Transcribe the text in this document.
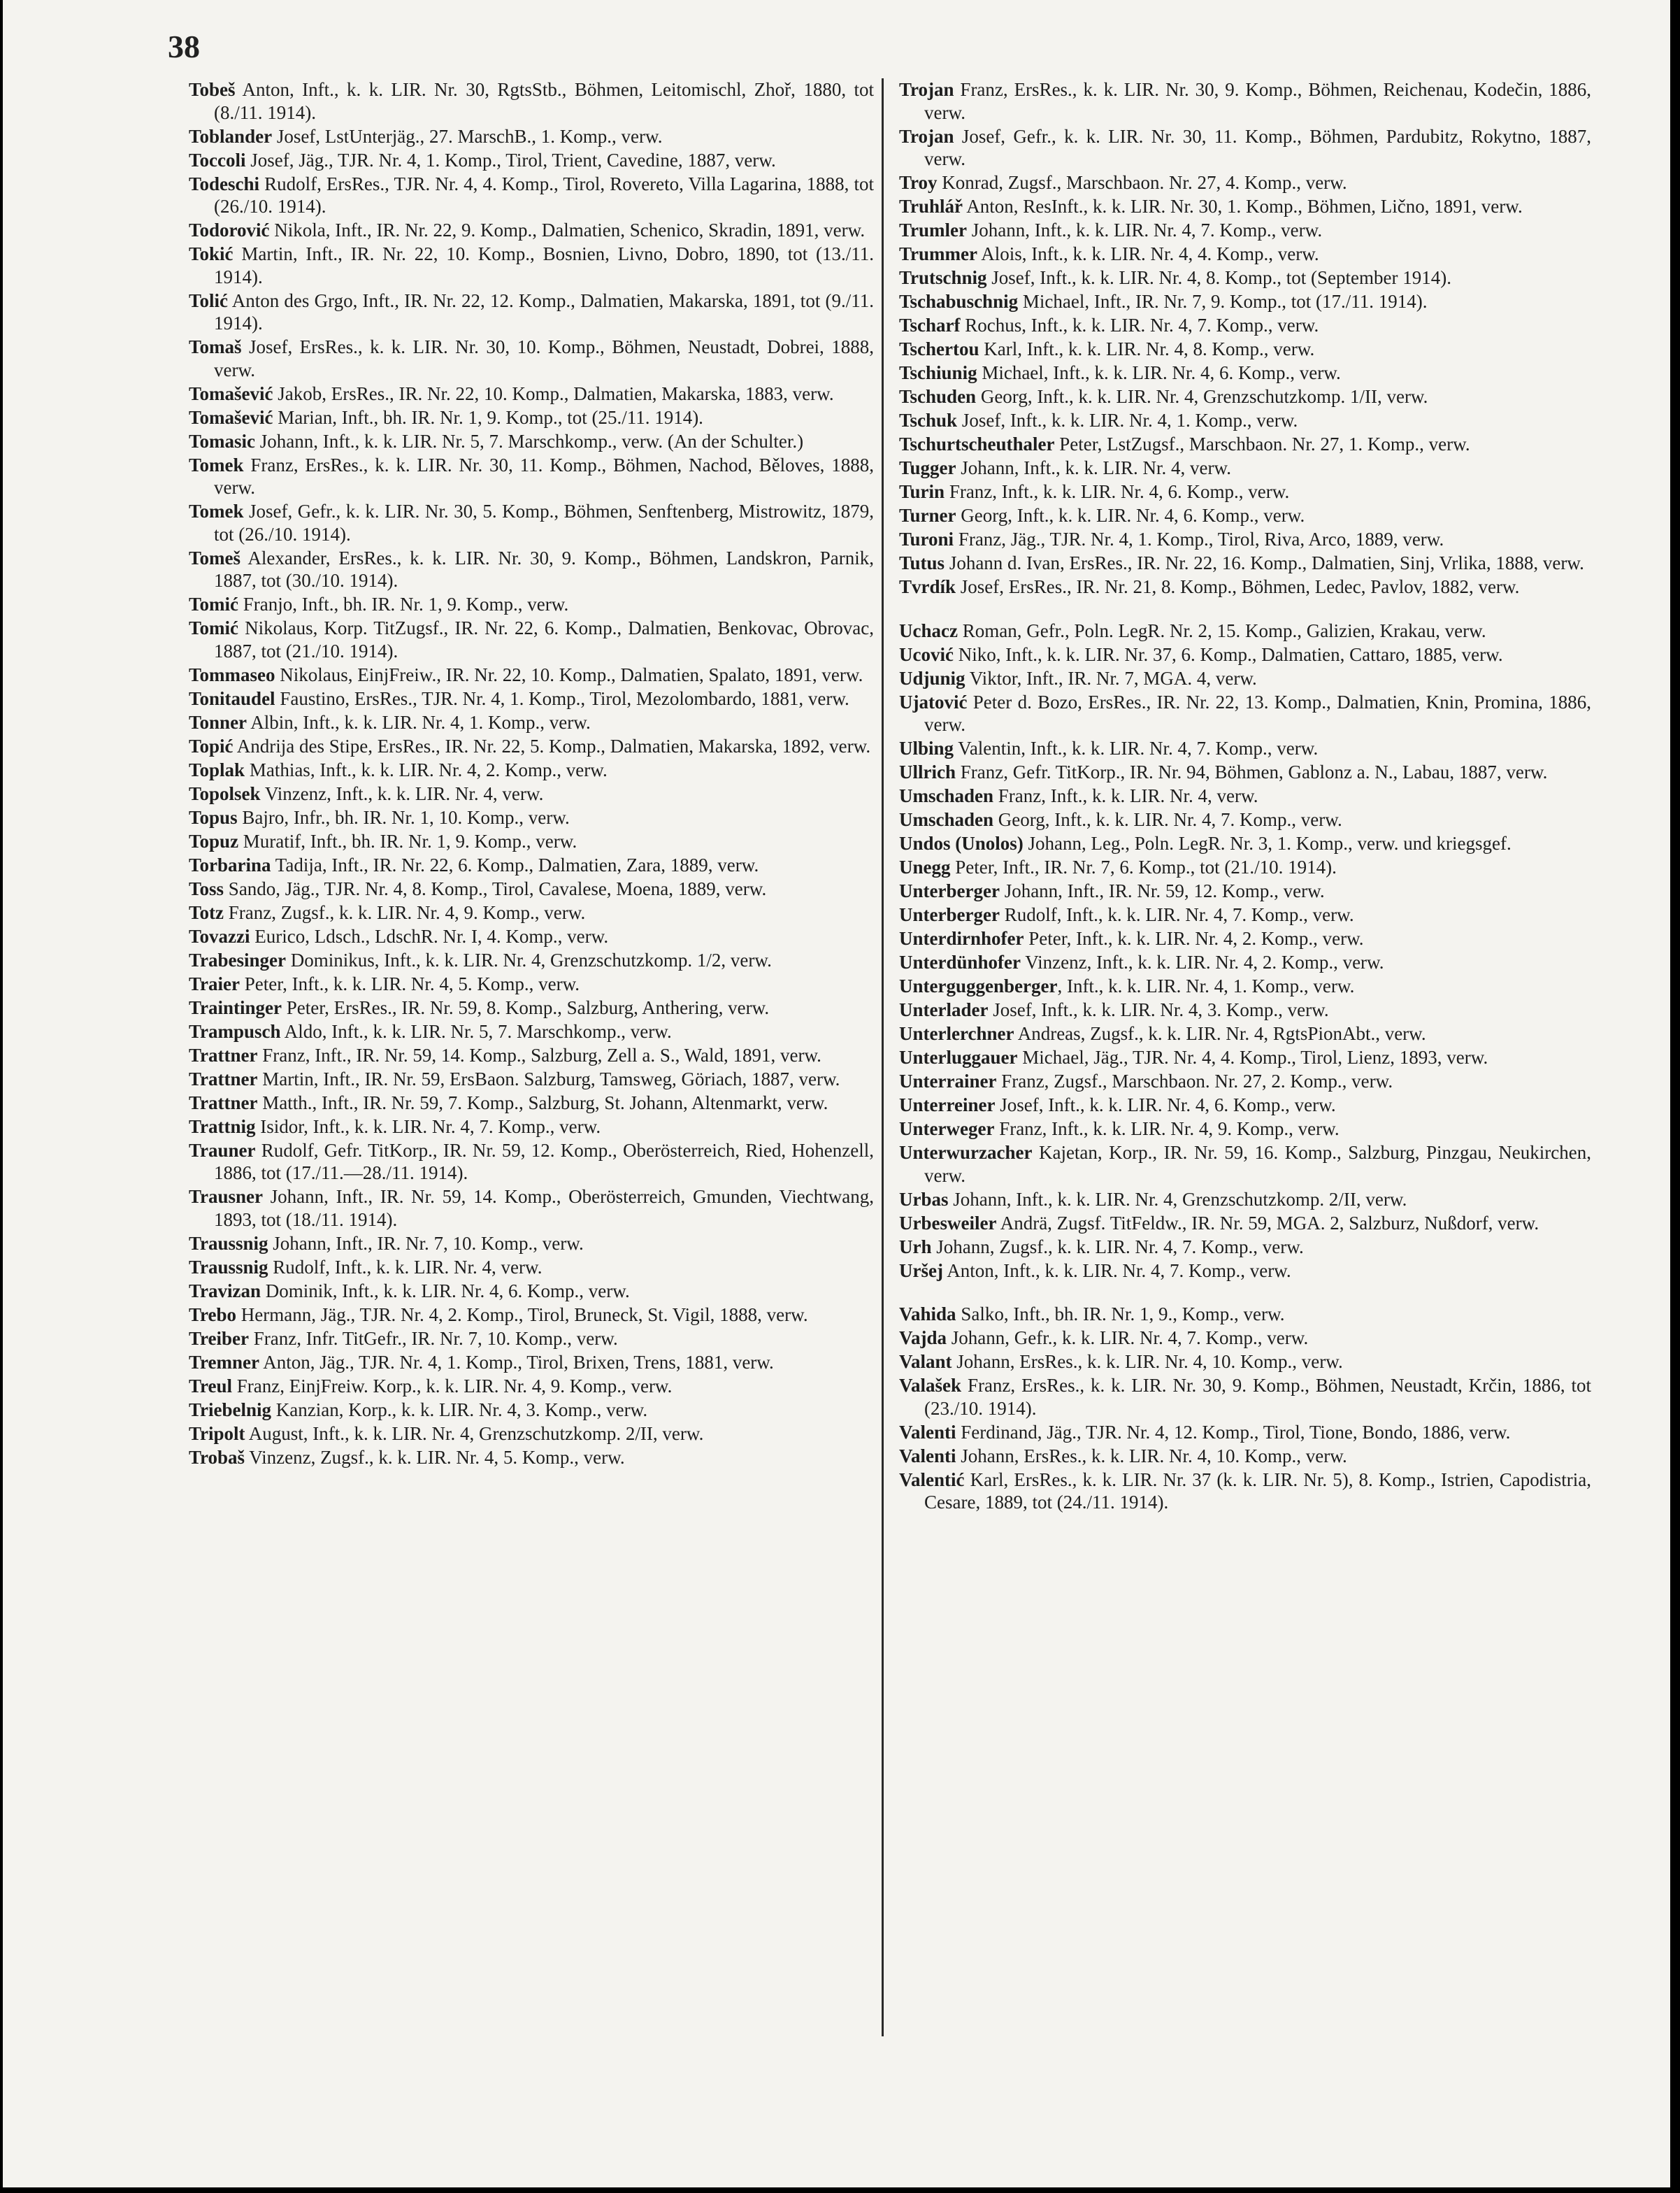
38

Tobeš Anton, Inft., k. k. LIR. Nr. 30, RgtsStb., Böhmen, Leitomischl, Zhoř, 1880, tot (8./11. 1914).

Toblander Josef, LstUnterjäg., 27. MarschB., 1. Komp., verw.

Toccoli Josef, Jäg., TJR. Nr. 4, 1. Komp., Tirol, Trient, Cavedine, 1887, verw.

Todeschi Rudolf, ErsRes., TJR. Nr. 4, 4. Komp., Tirol, Rovereto, Villa Lagarina, 1888, tot (26./10. 1914).

Todorović Nikola, Inft., IR. Nr. 22, 9. Komp., Dalmatien, Schenico, Skradin, 1891, verw.

Tokić Martin, Inft., IR. Nr. 22, 10. Komp., Bosnien, Livno, Dobro, 1890, tot (13./11. 1914).

Tolić Anton des Grgo, Inft., IR. Nr. 22, 12. Komp., Dalmatien, Makarska, 1891, tot (9./11. 1914).

Tomaš Josef, ErsRes., k. k. LIR. Nr. 30, 10. Komp., Böhmen, Neustadt, Dobrei, 1888, verw.

Tomašević Jakob, ErsRes., IR. Nr. 22, 10. Komp., Dalmatien, Makarska, 1883, verw.

Tomašević Marian, Inft., bh. IR. Nr. 1, 9. Komp., tot (25./11. 1914).

Tomasic Johann, Inft., k. k. LIR. Nr. 5, 7. Marschkomp., verw. (An der Schulter.)

Tomek Franz, ErsRes., k. k. LIR. Nr. 30, 11. Komp., Böhmen, Nachod, Běloves, 1888, verw.

Tomek Josef, Gefr., k. k. LIR. Nr. 30, 5. Komp., Böhmen, Senftenberg, Mistrowitz, 1879, tot (26./10. 1914).

Tomeš Alexander, ErsRes., k. k. LIR. Nr. 30, 9. Komp., Böhmen, Landskron, Parnik, 1887, tot (30./10. 1914).

Tomić Franjo, Inft., bh. IR. Nr. 1, 9. Komp., verw.

Tomić Nikolaus, Korp. TitZugsf., IR. Nr. 22, 6. Komp., Dalmatien, Benkovac, Obrovac, 1887, tot (21./10. 1914).

Tommaseo Nikolaus, EinjFreiw., IR. Nr. 22, 10. Komp., Dalmatien, Spalato, 1891, verw.

Tonitaudel Faustino, ErsRes., TJR. Nr. 4, 1. Komp., Tirol, Mezolombardo, 1881, verw.

Tonner Albin, Inft., k. k. LIR. Nr. 4, 1. Komp., verw.

Topić Andrija des Stipe, ErsRes., IR. Nr. 22, 5. Komp., Dalmatien, Makarska, 1892, verw.

Toplak Mathias, Inft., k. k. LIR. Nr. 4, 2. Komp., verw.

Topolsek Vinzenz, Inft., k. k. LIR. Nr. 4, verw.

Topus Bajro, Infr., bh. IR. Nr. 1, 10. Komp., verw.

Topuz Muratif, Inft., bh. IR. Nr. 1, 9. Komp., verw.

Torbarina Tadija, Inft., IR. Nr. 22, 6. Komp., Dalmatien, Zara, 1889, verw.

Toss Sando, Jäg., TJR. Nr. 4, 8. Komp., Tirol, Cavalese, Moena, 1889, verw.

Totz Franz, Zugsf., k. k. LIR. Nr. 4, 9. Komp., verw.

Tovazzi Eurico, Ldsch., LdschR. Nr. I, 4. Komp., verw.

Trabesinger Dominikus, Inft., k. k. LIR. Nr. 4, Grenzschutzkomp. 1/2, verw.

Traier Peter, Inft., k. k. LIR. Nr. 4, 5. Komp., verw.

Traintinger Peter, ErsRes., IR. Nr. 59, 8. Komp., Salzburg, Anthering, verw.

Trampusch Aldo, Inft., k. k. LIR. Nr. 5, 7. Marschkomp., verw.

Trattner Franz, Inft., IR. Nr. 59, 14. Komp., Salzburg, Zell a. S., Wald, 1891, verw.

Trattner Martin, Inft., IR. Nr. 59, ErsBaon. Salzburg, Tamsweg, Göriach, 1887, verw.

Trattner Matth., Inft., IR. Nr. 59, 7. Komp., Salzburg, St. Johann, Altenmarkt, verw.

Trattnig Isidor, Inft., k. k. LIR. Nr. 4, 7. Komp., verw.

Trauner Rudolf, Gefr. TitKorp., IR. Nr. 59, 12. Komp., Oberösterreich, Ried, Hohenzell, 1886, tot (17./11.—28./11. 1914).

Trausner Johann, Inft., IR. Nr. 59, 14. Komp., Oberösterreich, Gmunden, Viechtwang, 1893, tot (18./11. 1914).

Traussnig Johann, Inft., IR. Nr. 7, 10. Komp., verw.

Traussnig Rudolf, Inft., k. k. LIR. Nr. 4, verw.

Travizan Dominik, Inft., k. k. LIR. Nr. 4, 6. Komp., verw.

Trebo Hermann, Jäg., TJR. Nr. 4, 2. Komp., Tirol, Bruneck, St. Vigil, 1888, verw.

Treiber Franz, Infr. TitGefr., IR. Nr. 7, 10. Komp., verw.

Tremner Anton, Jäg., TJR. Nr. 4, 1. Komp., Tirol, Brixen, Trens, 1881, verw.

Treul Franz, EinjFreiw. Korp., k. k. LIR. Nr. 4, 9. Komp., verw.

Triebelnig Kanzian, Korp., k. k. LIR. Nr. 4, 3. Komp., verw.

Tripolt August, Inft., k. k. LIR. Nr. 4, Grenzschutzkomp. 2/II, verw.

Trobaš Vinzenz, Zugsf., k. k. LIR. Nr. 4, 5. Komp., verw.

Trojan Franz, ErsRes., k. k. LIR. Nr. 30, 9. Komp., Böhmen, Reichenau, Kodečin, 1886, verw.

Trojan Josef, Gefr., k. k. LIR. Nr. 30, 11. Komp., Böhmen, Pardubitz, Rokytno, 1887, verw.

Troy Konrad, Zugsf., Marschbaon. Nr. 27, 4. Komp., verw.

Truhlář Anton, ResInft., k. k. LIR. Nr. 30, 1. Komp., Böhmen, Lično, 1891, verw.

Trumler Johann, Inft., k. k. LIR. Nr. 4, 7. Komp., verw.

Trummer Alois, Inft., k. k. LIR. Nr. 4, 4. Komp., verw.

Trutschnig Josef, Inft., k. k. LIR. Nr. 4, 8. Komp., tot (September 1914).

Tschabuschnig Michael, Inft., IR. Nr. 7, 9. Komp., tot (17./11. 1914).

Tscharf Rochus, Inft., k. k. LIR. Nr. 4, 7. Komp., verw.

Tschertou Karl, Inft., k. k. LIR. Nr. 4, 8. Komp., verw.

Tschiunig Michael, Inft., k. k. LIR. Nr. 4, 6. Komp., verw.

Tschuden Georg, Inft., k. k. LIR. Nr. 4, Grenzschutzkomp. 1/II, verw.

Tschuk Josef, Inft., k. k. LIR. Nr. 4, 1. Komp., verw.

Tschurtscheuthaler Peter, LstZugsf., Marschbaon. Nr. 27, 1. Komp., verw.

Tugger Johann, Inft., k. k. LIR. Nr. 4, verw.

Turin Franz, Inft., k. k. LIR. Nr. 4, 6. Komp., verw.

Turner Georg, Inft., k. k. LIR. Nr. 4, 6. Komp., verw.

Turoni Franz, Jäg., TJR. Nr. 4, 1. Komp., Tirol, Riva, Arco, 1889, verw.

Tutus Johann d. Ivan, ErsRes., IR. Nr. 22, 16. Komp., Dalmatien, Sinj, Vrlika, 1888, verw.

Tvrdík Josef, ErsRes., IR. Nr. 21, 8. Komp., Böhmen, Ledec, Pavlov, 1882, verw.

Uchacz Roman, Gefr., Poln. LegR. Nr. 2, 15. Komp., Galizien, Krakau, verw.

Ucović Niko, Inft., k. k. LIR. Nr. 37, 6. Komp., Dalmatien, Cattaro, 1885, verw.

Udjunig Viktor, Inft., IR. Nr. 7, MGA. 4, verw.

Ujatović Peter d. Bozo, ErsRes., IR. Nr. 22, 13. Komp., Dalmatien, Knin, Promina, 1886, verw.

Ulbing Valentin, Inft., k. k. LIR. Nr. 4, 7. Komp., verw.

Ullrich Franz, Gefr. TitKorp., IR. Nr. 94, Böhmen, Gablonz a. N., Labau, 1887, verw.

Umschaden Franz, Inft., k. k. LIR. Nr. 4, verw.

Umschaden Georg, Inft., k. k. LIR. Nr. 4, 7. Komp., verw.

Undos (Unolos) Johann, Leg., Poln. LegR. Nr. 3, 1. Komp., verw. und kriegsgef.

Unegg Peter, Inft., IR. Nr. 7, 6. Komp., tot (21./10. 1914).

Unterberger Johann, Inft., IR. Nr. 59, 12. Komp., verw.

Unterberger Rudolf, Inft., k. k. LIR. Nr. 4, 7. Komp., verw.

Unterdirnhofer Peter, Inft., k. k. LIR. Nr. 4, 2. Komp., verw.

Unterdünhofer Vinzenz, Inft., k. k. LIR. Nr. 4, 2. Komp., verw.

Unterguggenberger, Inft., k. k. LIR. Nr. 4, 1. Komp., verw.

Unterlader Josef, Inft., k. k. LIR. Nr. 4, 3. Komp., verw.

Unterlerchner Andreas, Zugsf., k. k. LIR. Nr. 4, RgtsPionAbt., verw.

Unterluggauer Michael, Jäg., TJR. Nr. 4, 4. Komp., Tirol, Lienz, 1893, verw.

Unterrainer Franz, Zugsf., Marschbaon. Nr. 27, 2. Komp., verw.

Unterreiner Josef, Inft., k. k. LIR. Nr. 4, 6. Komp., verw.

Unterweger Franz, Inft., k. k. LIR. Nr. 4, 9. Komp., verw.

Unterwurzacher Kajetan, Korp., IR. Nr. 59, 16. Komp., Salzburg, Pinzgau, Neukirchen, verw.

Urbas Johann, Inft., k. k. LIR. Nr. 4, Grenzschutzkomp. 2/II, verw.

Urbesweiler Andrä, Zugsf. TitFeldw., IR. Nr. 59, MGA. 2, Salzburz, Nußdorf, verw.

Urh Johann, Zugsf., k. k. LIR. Nr. 4, 7. Komp., verw.

Uršej Anton, Inft., k. k. LIR. Nr. 4, 7. Komp., verw.

Vahida Salko, Inft., bh. IR. Nr. 1, 9., Komp., verw.

Vajda Johann, Gefr., k. k. LIR. Nr. 4, 7. Komp., verw.

Valant Johann, ErsRes., k. k. LIR. Nr. 4, 10. Komp., verw.

Valašek Franz, ErsRes., k. k. LIR. Nr. 30, 9. Komp., Böhmen, Neustadt, Krčin, 1886, tot (23./10. 1914).

Valenti Ferdinand, Jäg., TJR. Nr. 4, 12. Komp., Tirol, Tione, Bondo, 1886, verw.

Valenti Johann, ErsRes., k. k. LIR. Nr. 4, 10. Komp., verw.

Valentić Karl, ErsRes., k. k. LIR. Nr. 37 (k. k. LIR. Nr. 5), 8. Komp., Istrien, Capodistria, Cesare, 1889, tot (24./11. 1914).
